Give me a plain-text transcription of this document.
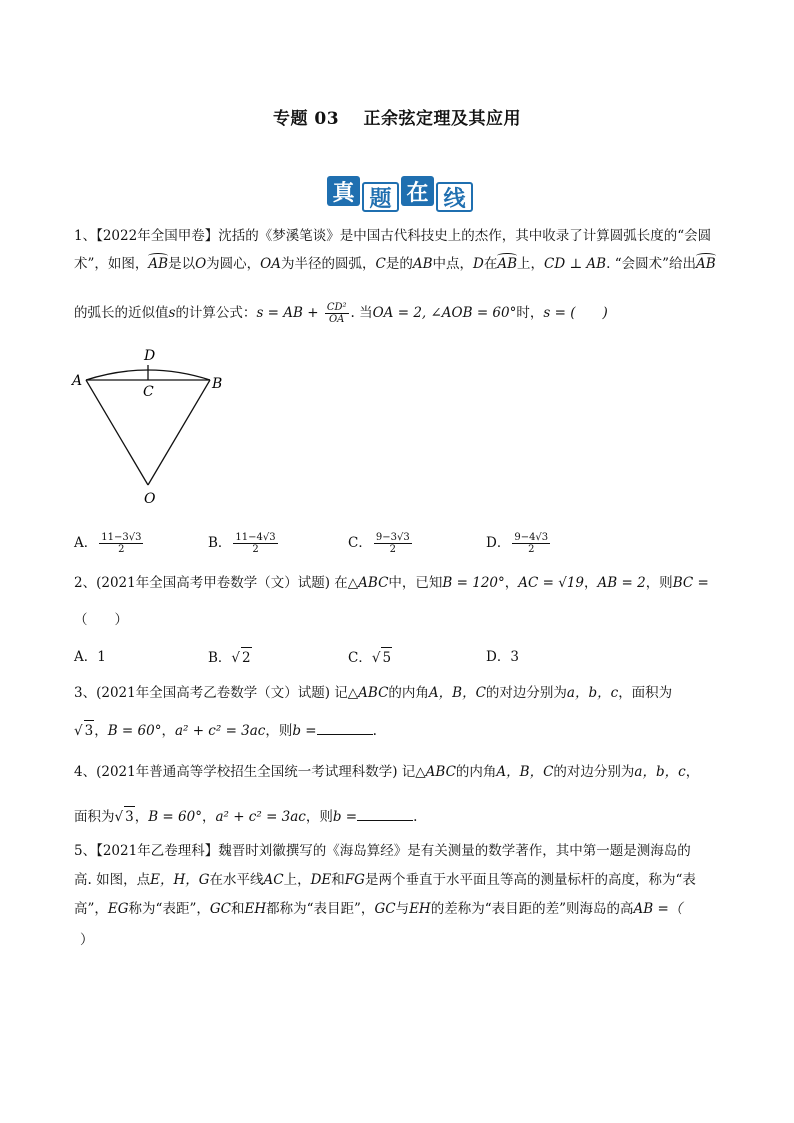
专题 03 正余弦定理及其应用
真 题 在 线
1、【2022年全国甲卷】沈括的《梦溪笔谈》是中国古代科技史上的杰作，其中收录了计算圆弧长度的“会圆
术”，如图，AB是以O为圆心，OA为半径的圆弧，C是的AB中点，D在AB上，CD ⊥ AB. “会圆术”给出AB
的弧长的近似值s的计算公式：s = AB + $\frac{\text{CD²}}{OA}$ . 当OA = 2, ∠AOB = 60°时，s = (　　)
A	B
C
D
O
A． $\frac{11-3√3}{2}$	B． $\frac{11-4√3}{2}$	C． $\frac{9-3√3}{2}$	D． $\frac{9-4√3}{2}$
2、(2021年全国高考甲卷数学（文）试题) 在△ABC中，已知B = 120°，AC = √19，AB = 2，则BC =
（　　）
A．1	B．√ 2	C．√ 5	D．3
3、(2021年全国高考乙卷数学（文）试题) 记△ABC的内角A，B，C的对边分别为a，b，c，面积为
√ 3，B = 60°，a² + c² = 3ac，则b =	.
4、(2021年普通高等学校招生全国统一考试理科数学) 记△ABC的内角A，B，C的对边分别为a，b，c，
面积为√ 3，B = 60°，a² + c² = 3ac，则b =	.
5、【2021年乙卷理科】魏晋时刘徽撰写的《海岛算经》是有关测量的数学著作，其中第一题是测海岛的
高. 如图，点E，H，G在水平线AC上，DE和FG是两个垂直于水平面且等高的测量标杆的高度，称为“表
高”，EG称为“表距”，GC和EH都称为“表目距”，GC与EH的差称为“表目距的差”则海岛的高AB =（
）
